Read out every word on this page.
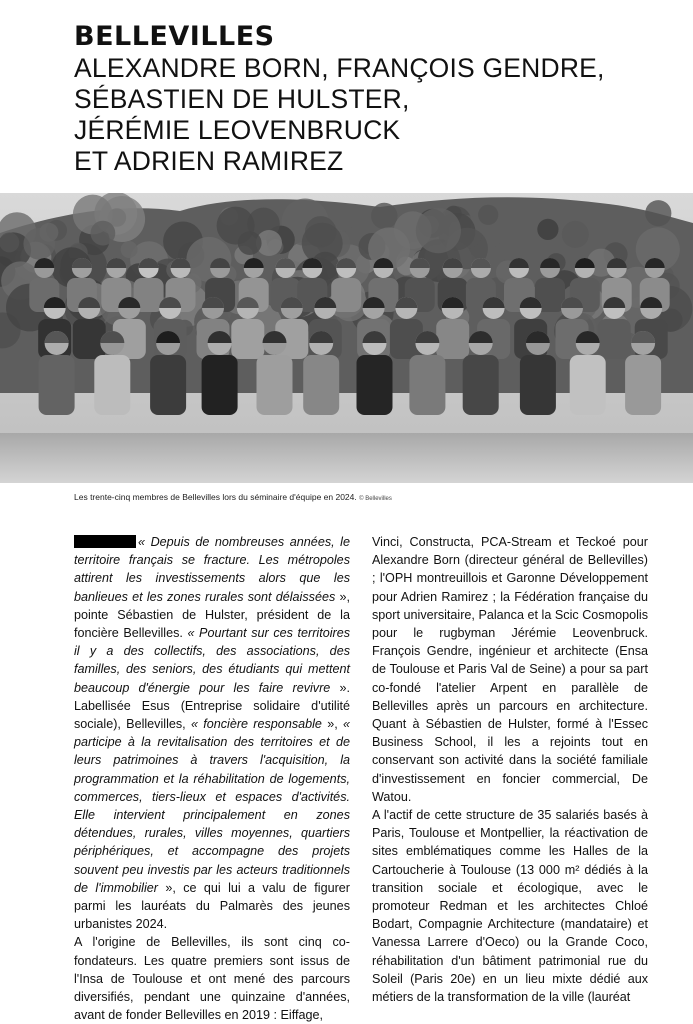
BELLEVILLES
ALEXANDRE BORN, FRANÇOIS GENDRE,
SÉBASTIEN DE HULSTER,
JÉRÉMIE LEOVENBRUCK
ET ADRIEN RAMIREZ
Les trente-cinq membres de Bellevilles lors du séminaire d'équipe en 2024. © Bellevilles

« Depuis de nombreuses années, le territoire français se fracture. Les métropoles attirent les investissements alors que les banlieues et les zones rurales sont délaissées », pointe Sébastien de Hulster, président de la foncière Bellevilles. « Pourtant sur ces territoires il y a des collectifs, des associations, des familles, des seniors, des étudiants qui mettent beaucoup d'énergie pour les faire revivre ». Labellisée Esus (Entreprise solidaire d'utilité sociale), Bellevilles, « foncière responsable », « participe à la revitalisation des territoires et de leurs patrimoines à travers l'acquisition, la programmation et la réhabilitation de logements, commerces, tiers-lieux et espaces d'activités. Elle intervient principalement en zones détendues, rurales, villes moyennes, quartiers périphériques, et accompagne des projets souvent peu investis par les acteurs traditionnels de l'immobilier », ce qui lui a valu de figurer parmi les lauréats du Palmarès des jeunes urbanistes 2024.

A l'origine de Bellevilles, ils sont cinq co-fondateurs. Les quatre premiers sont issus de l'Insa de Toulouse et ont mené des parcours diversifiés, pendant une quinzaine d'années, avant de fonder Bellevilles en 2019 : Eiffage,

Vinci, Constructa, PCA-Stream et Teckoé pour Alexandre Born (directeur général de Bellevilles) ; l'OPH montreuillois et Garonne Développement pour Adrien Ramirez ; la Fédération française du sport universitaire, Palanca et la Scic Cosmopolis pour le rugbyman Jérémie Leovenbruck. François Gendre, ingénieur et architecte (Ensa de Toulouse et Paris Val de Seine) a pour sa part co-fondé l'atelier Arpent en parallèle de Bellevilles après un parcours en architecture. Quant à Sébastien de Hulster, formé à l'Essec Business School, il les a rejoints tout en conservant son activité dans la société familiale d'investissement en foncier commercial, De Watou.

A l'actif de cette structure de 35 salariés basés à Paris, Toulouse et Montpellier, la réactivation de sites emblématiques comme les Halles de la Cartoucherie à Toulouse (13 000 m² dédiés à la transition sociale et écologique, avec le promoteur Redman et les architectes Chloé Bodart, Compagnie Architecture (mandataire) et Vanessa Larrere d'Oeco) ou la Grande Coco, réhabilitation d'un bâtiment patrimonial rue du Soleil (Paris 20e) en un lieu mixte dédié aux métiers de la transformation de la ville (lauréat
